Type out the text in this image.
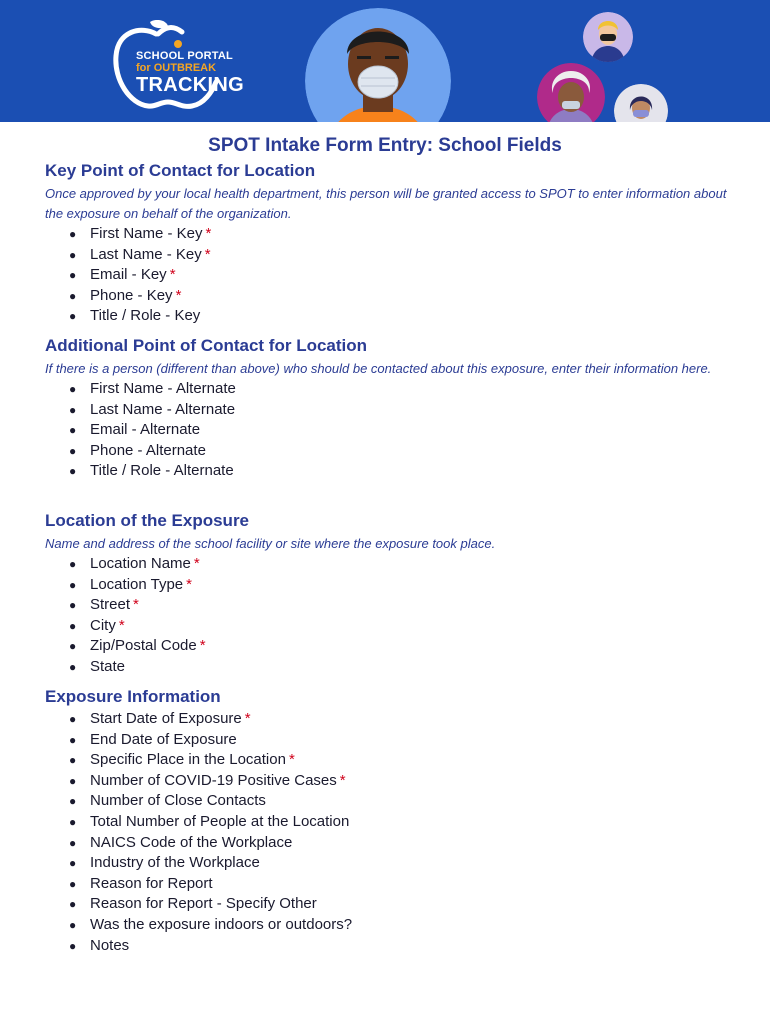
SCHOOL PORTAL
for OUTBREAK
TRACKING
SPOT Intake Form Entry: School Fields
Key Point of Contact for Location

Once approved by your local health department, this person will be granted access to SPOT to enter information about the exposure on behalf of the organization.

● First Name - Key *
● Last Name - Key *
● Email - Key *
● Phone - Key *
● Title / Role - Key
Additional Point of Contact for Location

If there is a person (different than above) who should be contacted about this exposure, enter their information here.

● First Name - Alternate
● Last Name - Alternate
● Email - Alternate
● Phone - Alternate
● Title / Role - Alternate
Location of the Exposure

Name and address of the school facility or site where the exposure took place.

● Location Name *
● Location Type *
● Street *
● City *
● Zip/Postal Code *
● State
Exposure Information
● Start Date of Exposure *
● End Date of Exposure
● Specific Place in the Location *
● Number of COVID-19 Positive Cases *
● Number of Close Contacts
● Total Number of People at the Location
● NAICS Code of the Workplace
● Industry of the Workplace
● Reason for Report
● Reason for Report - Specify Other
● Was the exposure indoors or outdoors?
● Notes
